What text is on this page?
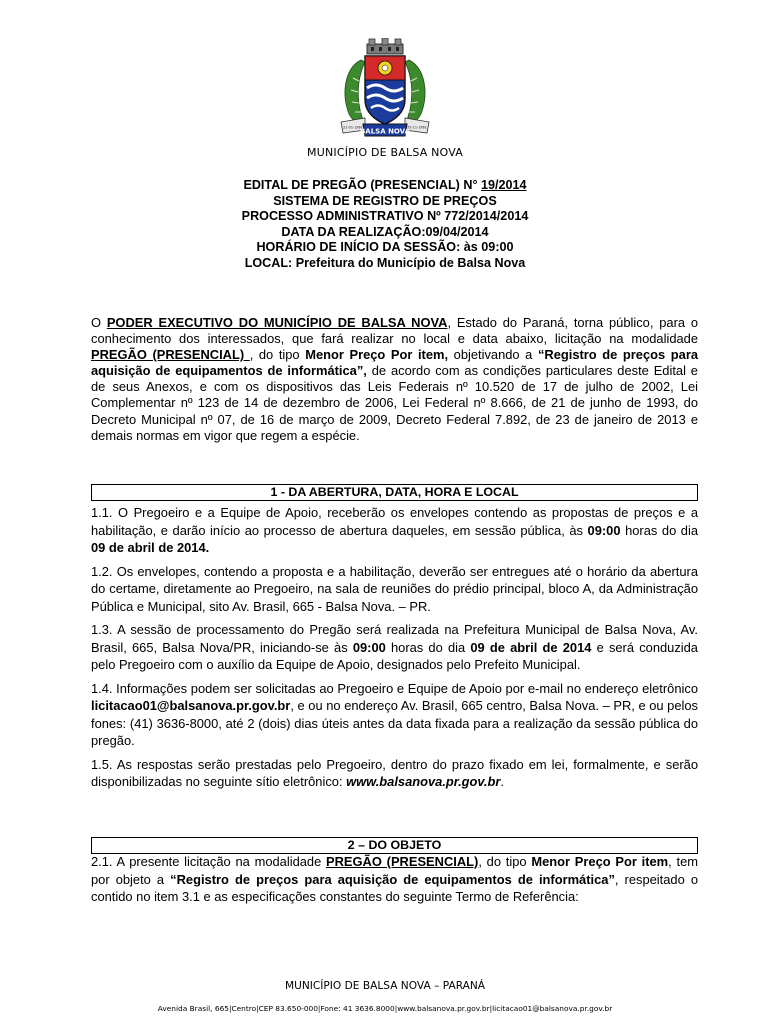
BALSA NOVA
21-01-1961	25-11-1961
MUNICÍPIO DE BALSA NOVA
EDITAL DE PREGÃO (PRESENCIAL) N° 19/2014
SISTEMA DE REGISTRO DE PREÇOS
PROCESSO ADMINISTRATIVO Nº 772/2014/2014
DATA DA REALIZAÇÃO:09/04/2014
HORÁRIO DE INÍCIO DA SESSÃO: às 09:00
LOCAL: Prefeitura do Município de Balsa Nova
O PODER EXECUTIVO DO MUNICÍPIO DE BALSA NOVA, Estado do Paraná, torna público, para o conhecimento dos interessados, que fará realizar no local e data abaixo, licitação na modalidade PREGÃO (PRESENCIAL) , do tipo Menor Preço Por item, objetivando a “Registro de preços para aquisição de equipamentos de informática”, de acordo com as condições particulares deste Edital e de seus Anexos, e com os dispositivos das Leis Federais nº 10.520 de 17 de julho de 2002, Lei Complementar nº 123 de 14 de dezembro de 2006, Lei Federal nº 8.666, de 21 de junho de 1993, do Decreto Municipal nº 07, de 16 de março de 2009, Decreto Federal 7.892, de 23 de janeiro de 2013 e demais normas em vigor que regem a espécie.
1 - DA ABERTURA, DATA, HORA E LOCAL

1.1. O Pregoeiro e a Equipe de Apoio, receberão os envelopes contendo as propostas de preços e a habilitação, e darão início ao processo de abertura daqueles, em sessão pública, às 09:00 horas do dia 09 de abril de 2014.

1.2. Os envelopes, contendo a proposta e a habilitação, deverão ser entregues até o horário da abertura do certame, diretamente ao Pregoeiro, na sala de reuniões do prédio principal, bloco A, da Administração Pública e Municipal, sito Av. Brasil, 665 - Balsa Nova. – PR.

1.3. A sessão de processamento do Pregão será realizada na Prefeitura Municipal de Balsa Nova, Av. Brasil, 665, Balsa Nova/PR, iniciando-se às 09:00 horas do dia 09 de abril de 2014 e será conduzida pelo Pregoeiro com o auxílio da Equipe de Apoio, designados pelo Prefeito Municipal.

1.4. Informações podem ser solicitadas ao Pregoeiro e Equipe de Apoio por e-mail no endereço eletrônico licitacao01@balsanova.pr.gov.br, e ou no endereço Av. Brasil, 665 centro, Balsa Nova. – PR, e ou pelos fones: (41) 3636-8000, até 2 (dois) dias úteis antes da data fixada para a realização da sessão pública do pregão.

1.5. As respostas serão prestadas pelo Pregoeiro, dentro do prazo fixado em lei, formalmente, e serão disponibilizadas no seguinte sítio eletrônico: www.balsanova.pr.gov.br.

2 – DO OBJETO

2.1. A presente licitação na modalidade PREGÃO (PRESENCIAL), do tipo Menor Preço Por item, tem por objeto a “Registro de preços para aquisição de equipamentos de informática”, respeitado o contido no item 3.1 e as especificações constantes do seguinte Termo de Referência:

MUNICÍPIO DE BALSA NOVA – PARANÁ
Avenida Brasil, 665|Centro|CEP 83.650-000|Fone: 41 3636.8000|www.balsanova.pr.gov.br|licitacao01@balsanova.pr.gov.br
